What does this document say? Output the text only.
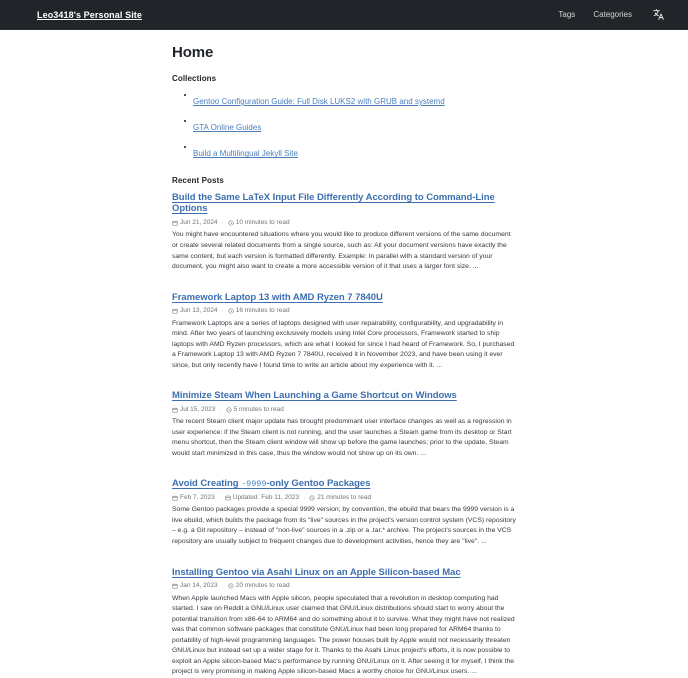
Leo3418's Personal Site	Tags Categories
Home
Collections
Gentoo Configuration Guide: Full Disk LUKS2 with GRUB and systemd
GTA Online Guides
Build a Multilingual Jekyll Site
Recent Posts
Build the Same LaTeX Input File Differently According to Command-Line Options
Jun 21, 2024 · 10 minutes to read

You might have encountered situations where you would like to produce different versions of the same document or create several related documents from a single source, such as: All your document versions have exactly the same content, but each version is formatted differently. Example: In parallel with a standard version of your document, you might also want to create a more accessible version of it that uses a larger font size. ...

Framework Laptop 13 with AMD Ryzen 7 7840U
Jun 13, 2024 · 16 minutes to read

Framework Laptops are a series of laptops designed with user repairability, configurability, and upgradability in mind. After two years of launching exclusively models using Intel Core processors, Framework started to ship laptops with AMD Ryzen processors, which are what I looked for since I had heard of Framework. So, I purchased a Framework Laptop 13 with AMD Ryzen 7 7840U, received it in November 2023, and have been using it ever since, but only recently have I found time to write an article about my experience with it. ...

Minimize Steam When Launching a Game Shortcut on Windows
Jul 15, 2023 · 5 minutes to read

The recent Steam client major update has brought predominant user interface changes as well as a regression in user experience: if the Steam client is not running, and the user launches a Steam game from its desktop or Start menu shortcut, then the Steam client window will show up before the game launches; prior to the update, Steam would start minimized in this case, thus the window would not show up on its own. ...

Avoid Creating -9999-only Gentoo Packages
Feb 7, 2023 · Updated: Feb 11, 2023 · 21 minutes to read

Some Gentoo packages provide a special 9999 version; by convention, the ebuild that bears the 9999 version is a live ebuild, which builds the package from its "live" sources in the project's version control system (VCS) repository – e.g. a Git repository – instead of "non-live" sources in a .zip or a .tar.* archive. The project's sources in the VCS repository are usually subject to frequent changes due to development activities, hence they are "live". ...

Installing Gentoo via Asahi Linux on an Apple Silicon-based Mac
Jan 14, 2023 · 20 minutes to read

When Apple launched Macs with Apple silicon, people speculated that a revolution in desktop computing had started. I saw on Reddit a GNU/Linux user claimed that GNU/Linux distributions should start to worry about the potential transition from x86-64 to ARM64 and do something about it to survive. What they might have not realized was that common software packages that constitute GNU/Linux had been long prepared for ARM64 thanks to portability of high-level programming languages. The power houses built by Apple would not necessarily threaten GNU/Linux but instead set up a wider stage for it. Thanks to the Asahi Linux project's efforts, it is now possible to exploit an Apple silicon-based Mac's performance by running GNU/Linux on it. After seeing it for myself, I think the project is very promising in making Apple silicon-based Macs a worthy choice for GNU/Linux users. ...
